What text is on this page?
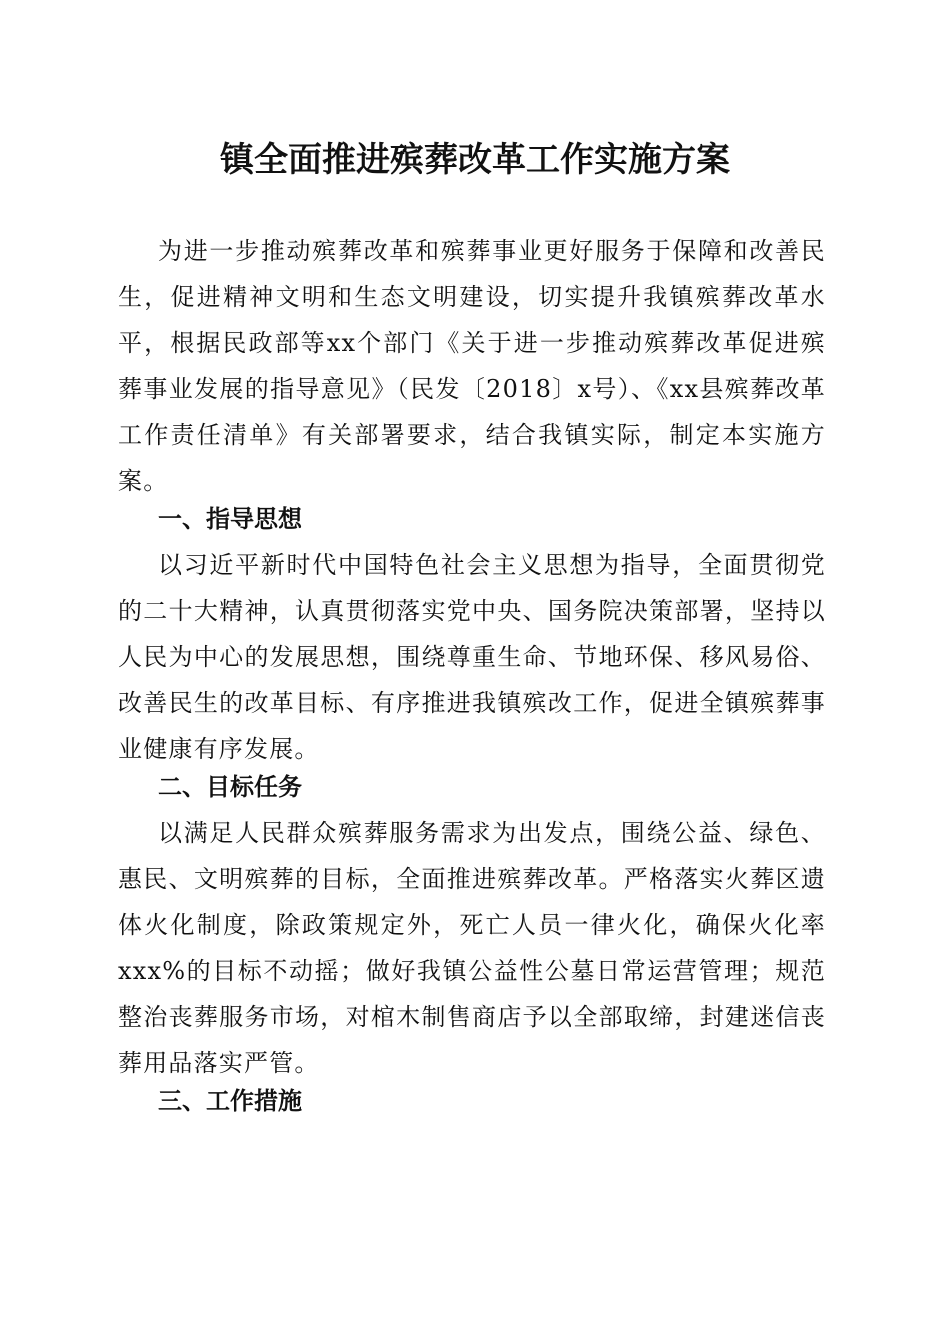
镇全面推进殡葬改革工作实施方案

为进一步推动殡葬改革和殡葬事业更好服务于保障和改善民生，促进精神文明和生态文明建设，切实提升我镇殡葬改革水平，根据民政部等xx个部门《关于进一步推动殡葬改革促进殡葬事业发展的指导意见》（民发〔2018〕x号）、《xx县殡葬改革工作责任清单》有关部署要求，结合我镇实际，制定本实施方案。

一、指导思想

以习近平新时代中国特色社会主义思想为指导，全面贯彻党的二十大精神，认真贯彻落实党中央、国务院决策部署，坚持以人民为中心的发展思想，围绕尊重生命、节地环保、移风易俗、改善民生的改革目标、有序推进我镇殡改工作，促进全镇殡葬事业健康有序发展。

二、目标任务

以满足人民群众殡葬服务需求为出发点，围绕公益、绿色、惠民、文明殡葬的目标，全面推进殡葬改革。严格落实火葬区遗体火化制度，除政策规定外，死亡人员一律火化，确保火化率xxx%的目标不动摇；做好我镇公益性公墓日常运营管理；规范整治丧葬服务市场，对棺木制售商店予以全部取缔，封建迷信丧葬用品落实严管。

三、工作措施
